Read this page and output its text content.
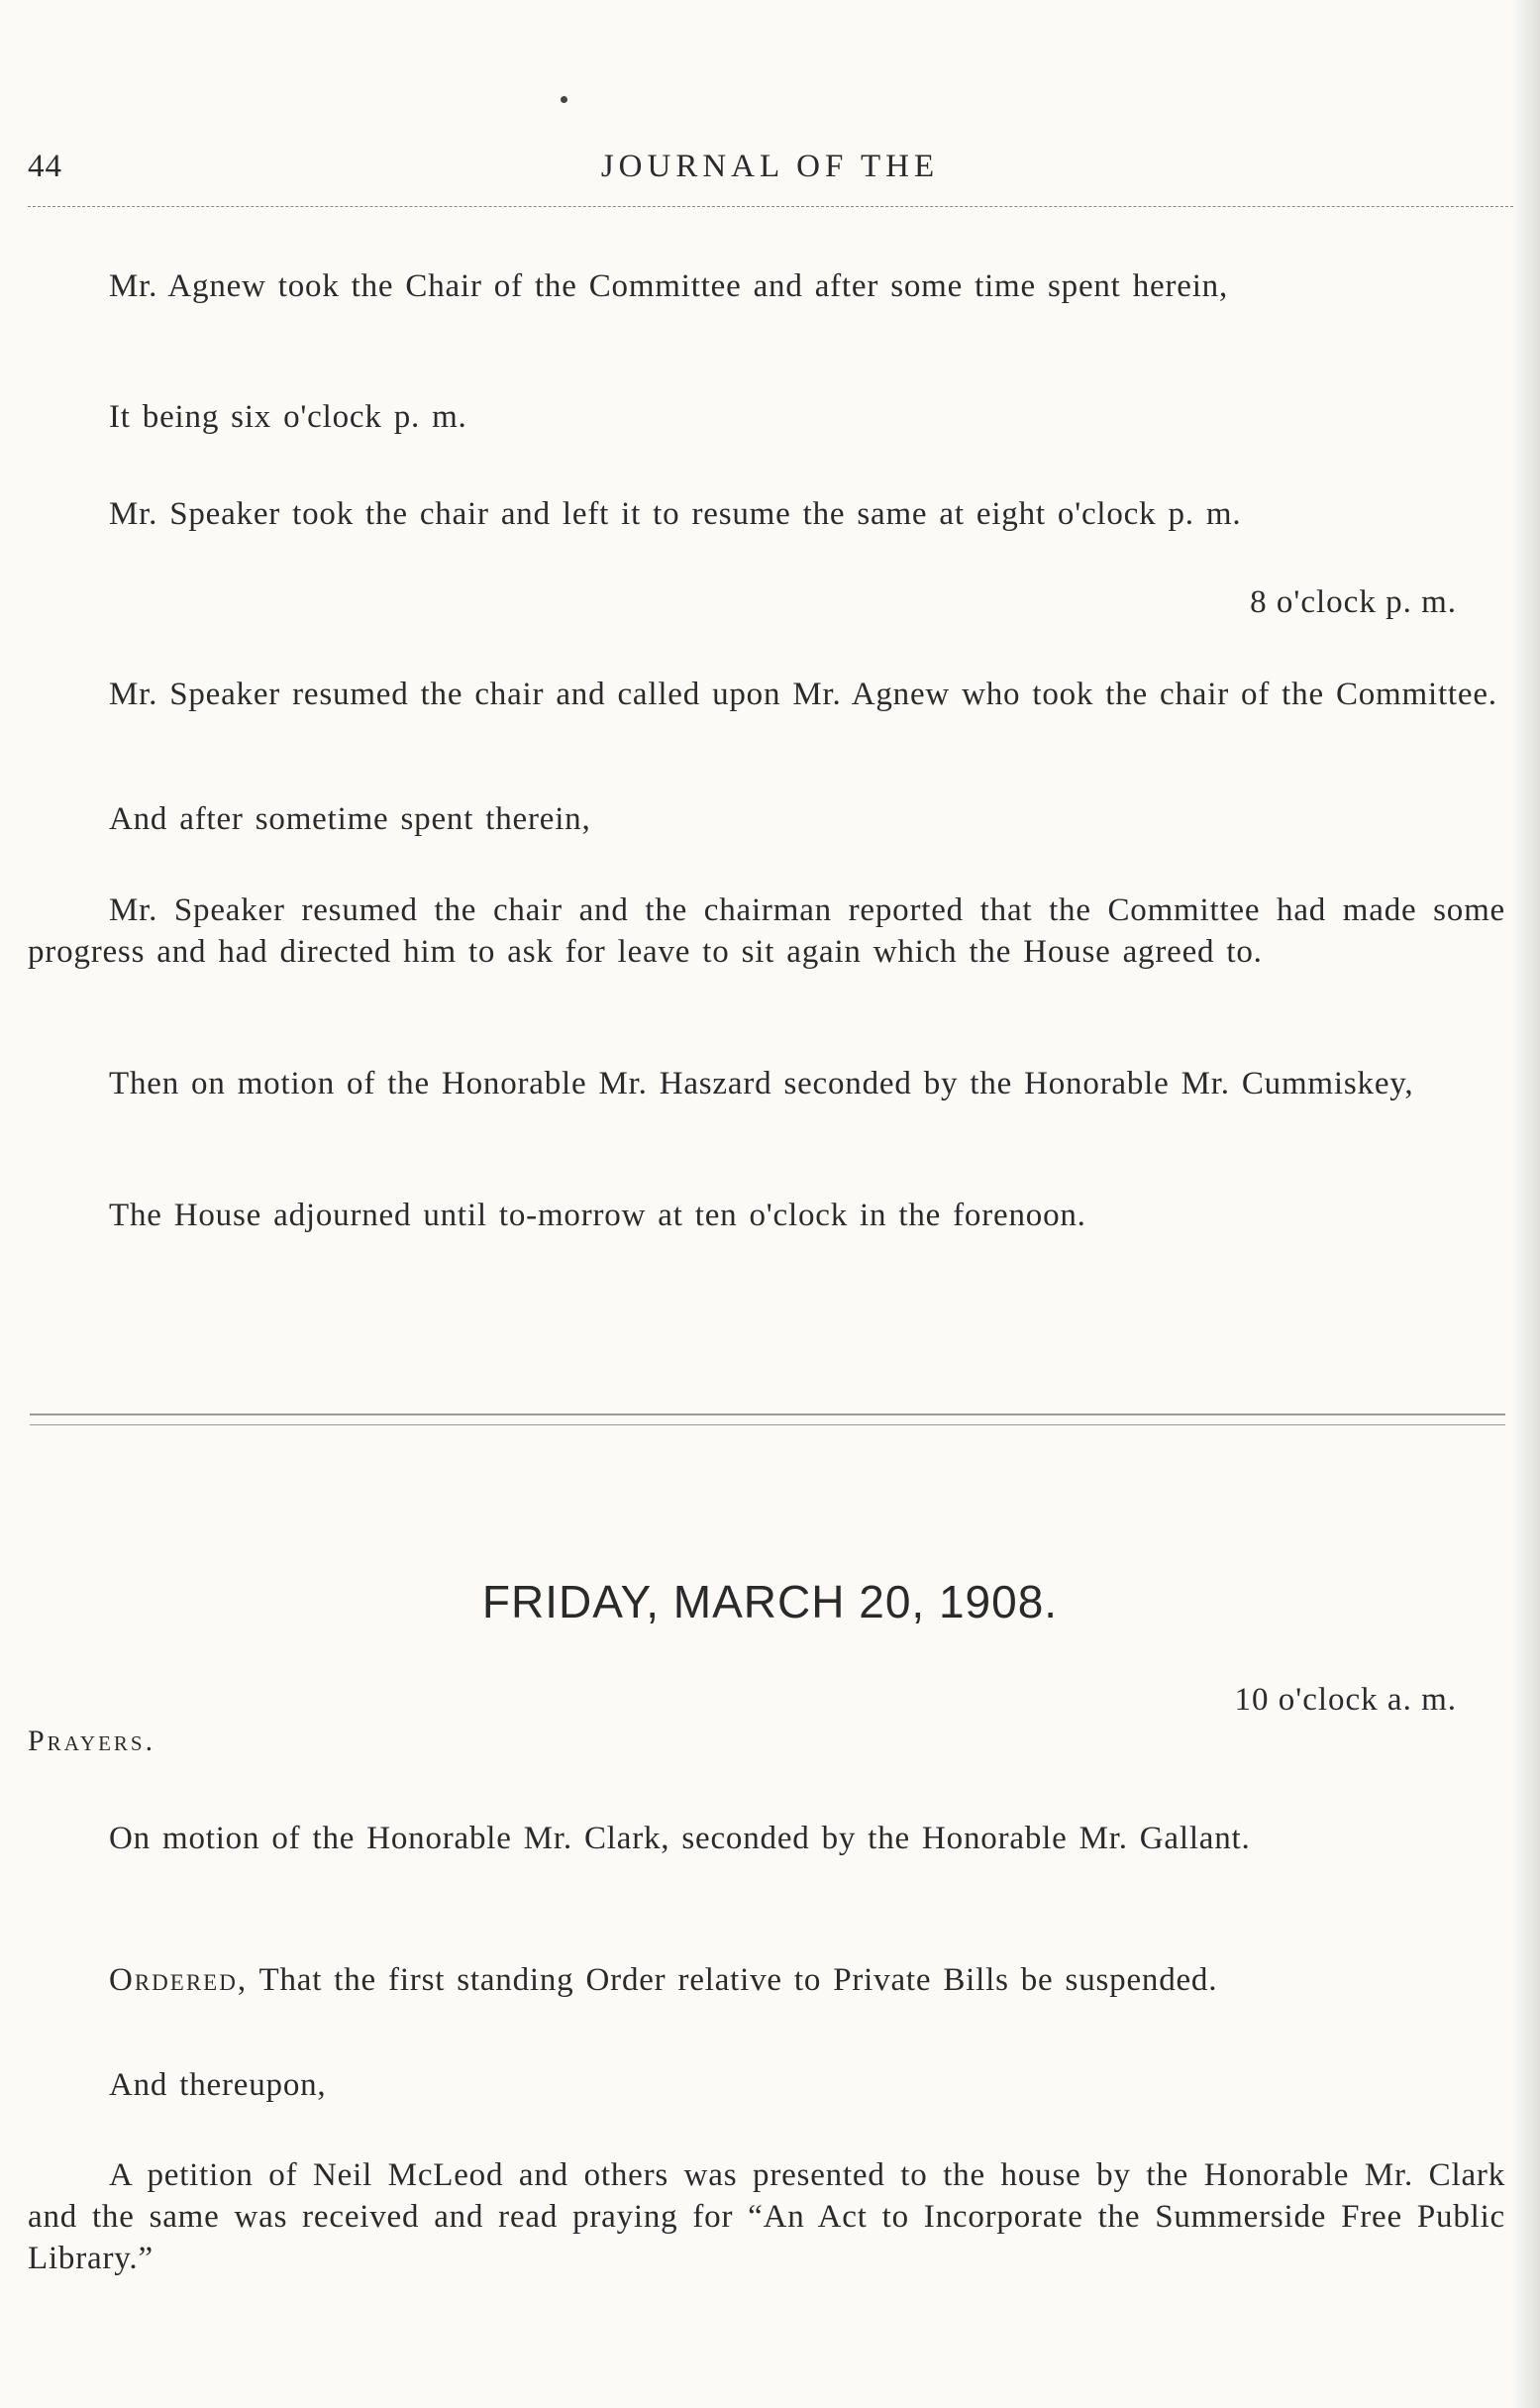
44	JOURNAL OF THE

Mr. Agnew took the Chair of the Committee and after some time spent herein,

It being six o'clock p. m.

Mr. Speaker took the chair and left it to resume the same at eight o'clock p. m.

8 o'clock p. m.

Mr. Speaker resumed the chair and called upon Mr. Agnew who took the chair of the Committee.

And after sometime spent therein,

Mr. Speaker resumed the chair and the chairman reported that the Committee had made some progress and had directed him to ask for leave to sit again which the House agreed to.

Then on motion of the Honorable Mr. Haszard seconded by the Honorable Mr. Cummiskey,

The House adjourned until to-morrow at ten o'clock in the forenoon.

FRIDAY, MARCH 20, 1908.
10 o'clock a. m.
Prayers.

On motion of the Honorable Mr. Clark, seconded by the Honorable Mr. Gallant.

Ordered, That the first standing Order relative to Private Bills be suspended.

And thereupon,

A petition of Neil McLeod and others was presented to the house by the Honorable Mr. Clark and the same was received and read praying for “An Act to Incorporate the Summerside Free Public Library.”
